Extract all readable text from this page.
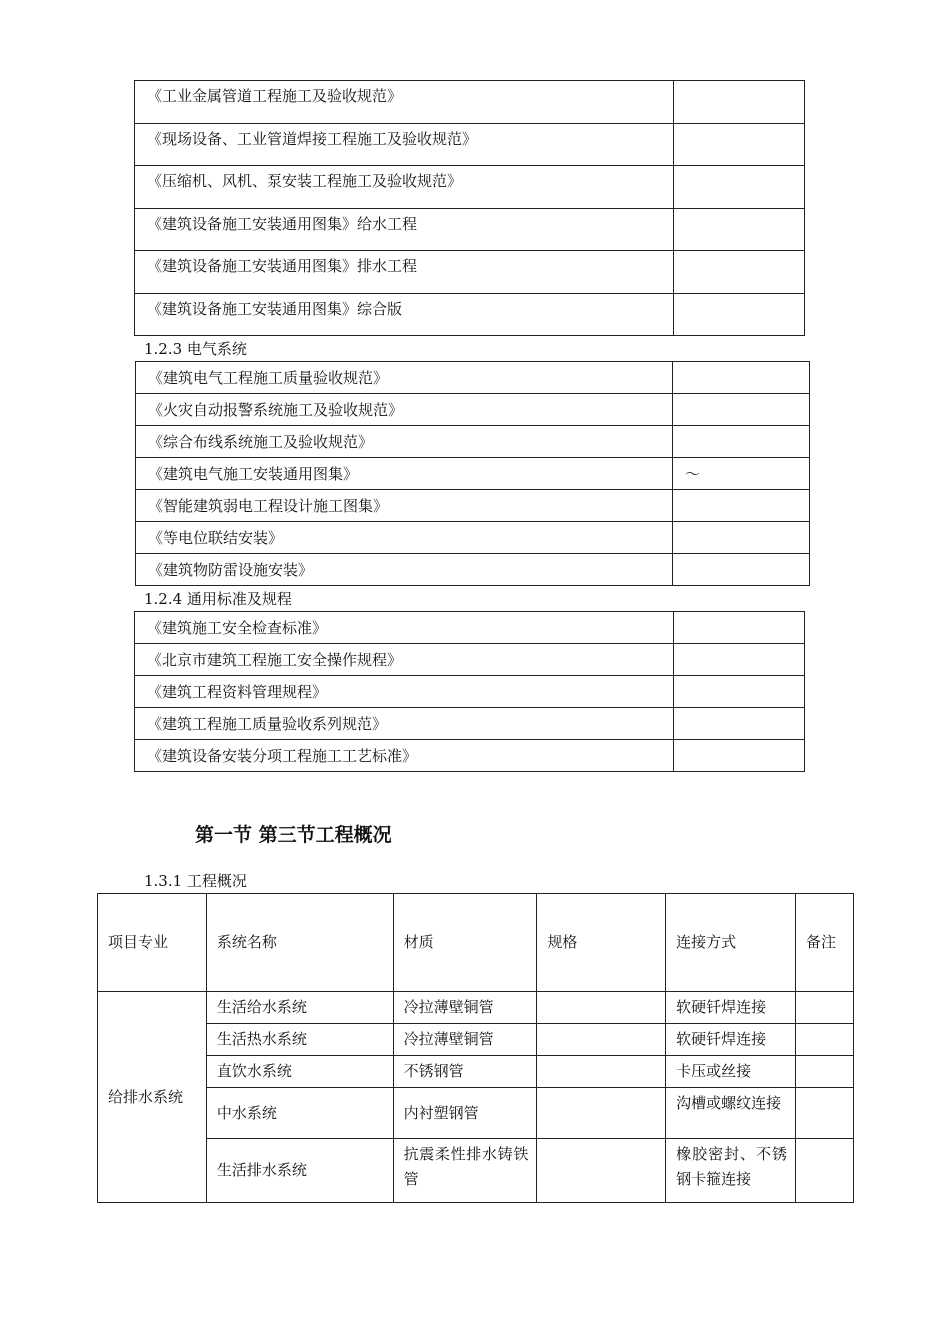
《工业金属管道工程施工及验收规范》	
《现场设备、工业管道焊接工程施工及验收规范》	
《压缩机、风机、泵安装工程施工及验收规范》	
《建筑设备施工安装通用图集》给水工程	
《建筑设备施工安装通用图集》排水工程	
《建筑设备施工安装通用图集》综合版	
1.2.3 电气系统
《建筑电气工程施工质量验收规范》	
《火灾自动报警系统施工及验收规范》	
《综合布线系统施工及验收规范》	
《建筑电气施工安装通用图集》	～
《智能建筑弱电工程设计施工图集》	
《等电位联结安装》	
《建筑物防雷设施安装》	
1.2.4 通用标准及规程
《建筑施工安全检查标准》	
《北京市建筑工程施工安全操作规程》	
《建筑工程资料管理规程》	
《建筑工程施工质量验收系列规范》	
《建筑设备安装分项工程施工工艺标准》	
第一节 第三节工程概况
1.3.1 工程概况
项目专业	系统名称	材质	规格	连接方式	备注
给排水系统	生活给水系统	冷拉薄壁铜管		软硬钎焊连接	
	生活热水系统	冷拉薄壁铜管		软硬钎焊连接	
	直饮水系统	不锈钢管		卡压或丝接	
	中水系统	内衬塑钢管		沟槽或螺纹连接	
	生活排水系统	抗震柔性排水铸铁管		橡胶密封、不锈钢卡箍连接	
